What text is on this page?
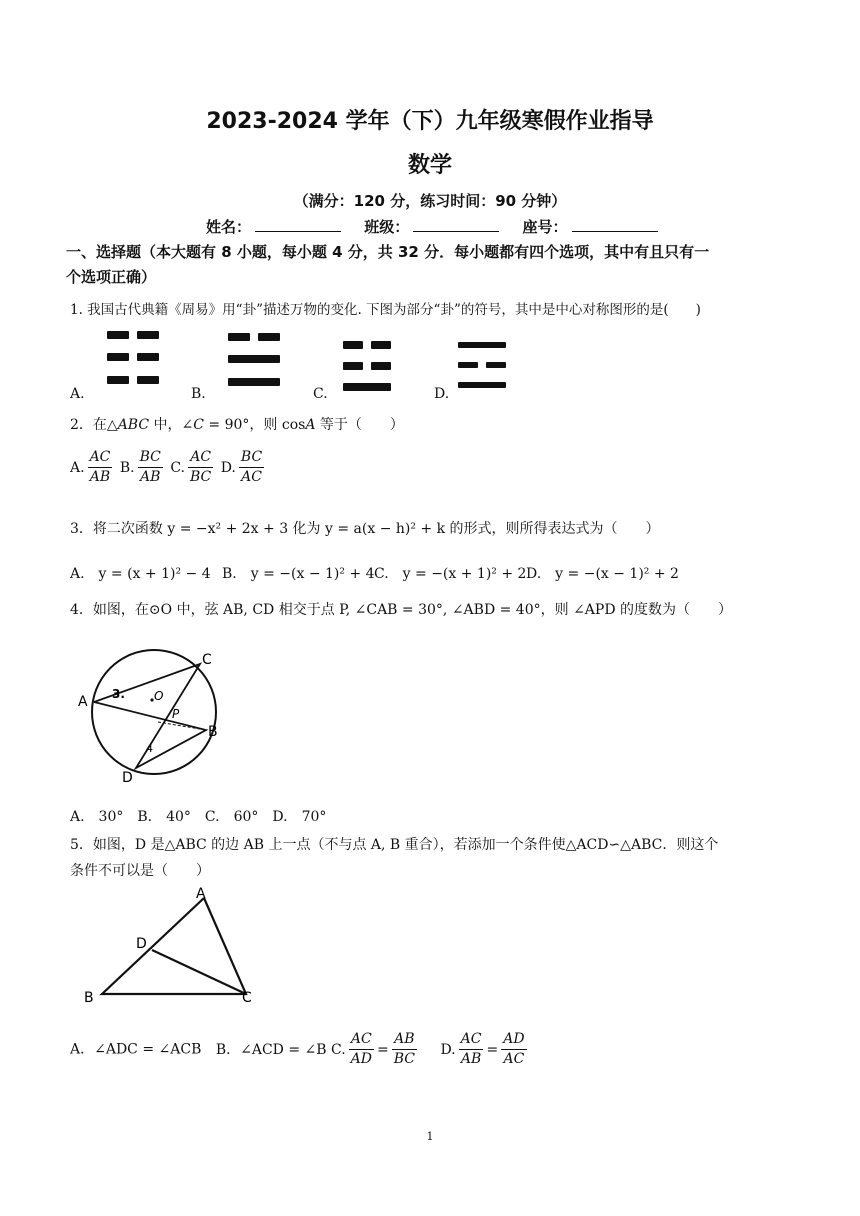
2023-2024 学年（下）九年级寒假作业指导
数学
（满分：120 分，练习时间：90 分钟）
姓名：	班级：	座号：
一、选择题（本大题有 8 小题，每小题 4 分，共 32 分．每小题都有四个选项，其中有且只有一
个选项正确）
1. 我国古代典籍《周易》用“卦”描述万物的变化. 下图为部分“卦”的符号，其中是中心对称图形的是(　　)
A.	B.	C.	D.
2．在△ABC 中，∠C = 90°，则 cosA 等于（　　）
A. $\frac{AC}{AB} B$. $\frac{BC}{AB} C$. $\frac{AC}{BC} D$. $\frac{BC}{AC}$
3．将二次函数 y = −x² + 2x + 3 化为 y = a(x − h)² + k 的形式，则所得表达式为（　　）
A.　y = (x + 1)² − 4 B.　y = −(x − 1)² + 4 C.　y = −(x + 1)² + 2 D.　y = −(x − 1)² + 2
4．如图，在⊙O 中，弦 AB, CD 相交于点 P, ∠CAB = 30°, ∠ABD = 40°，则 ∠APD 的度数为（　　）
A
C
B
D
O
P
3.
4
A.　30°　B.　40°　C.　60°　D.　70°
5．如图，D 是△ABC 的边 AB 上一点（不与点 A, B 重合），若添加一个条件使△ACD∽△ABC．则这个
条件不可以是（　　）
A
B	C
D
A．∠ADC = ∠ACB B．∠ACD = ∠B C. $\frac{AC}{AD} = \frac{AB}{BC} D$. $\frac{AC}{AB} = \frac{AD}{AC}$
1
